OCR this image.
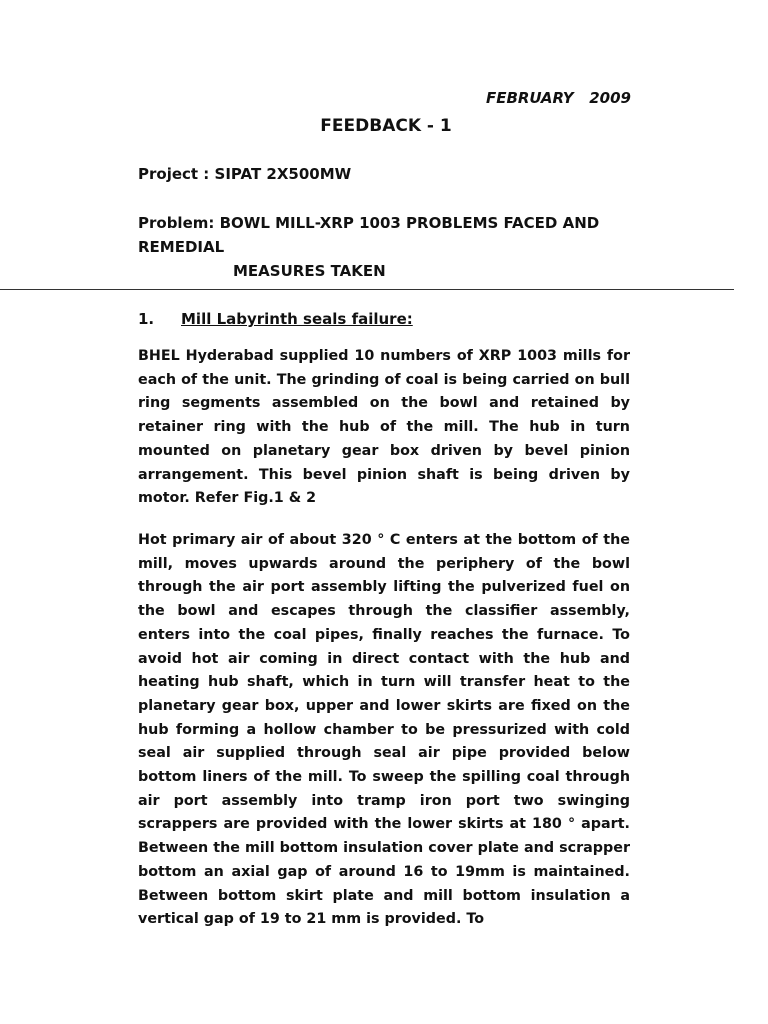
FEBRUARY   2009
FEEDBACK - 1
Project : SIPAT 2X500MW
Problem: BOWL MILL-XRP 1003 PROBLEMS FACED AND REMEDIAL
MEASURES TAKEN
1. Mill Labyrinth seals failure:

BHEL Hyderabad supplied 10 numbers of XRP 1003 mills for each of the unit. The grinding of coal is being carried on bull ring segments assembled on the bowl and retained by retainer ring with the hub of the mill. The hub in turn mounted on planetary gear box driven by bevel pinion arrangement. This bevel pinion shaft is being driven by motor. Refer Fig.1 & 2

Hot primary air of about 320 ° C enters at the bottom of the mill, moves upwards around the periphery of the bowl through the air port assembly lifting the pulverized fuel on the bowl and escapes through the classifier assembly, enters into the coal pipes, finally reaches the furnace. To avoid hot air coming in direct contact with the hub and heating hub shaft, which in turn will transfer heat to the planetary gear box, upper and lower skirts are fixed on the hub forming a hollow chamber to be pressurized with cold seal air supplied through seal air pipe provided below bottom liners of the mill. To sweep the spilling coal through air port assembly into tramp iron port two swinging scrappers are provided with the lower skirts at 180 ° apart. Between the mill bottom insulation cover plate and scrapper bottom an axial gap of around 16 to 19mm is maintained. Between bottom skirt plate and mill bottom insulation a vertical gap of 19 to 21 mm is provided. To
